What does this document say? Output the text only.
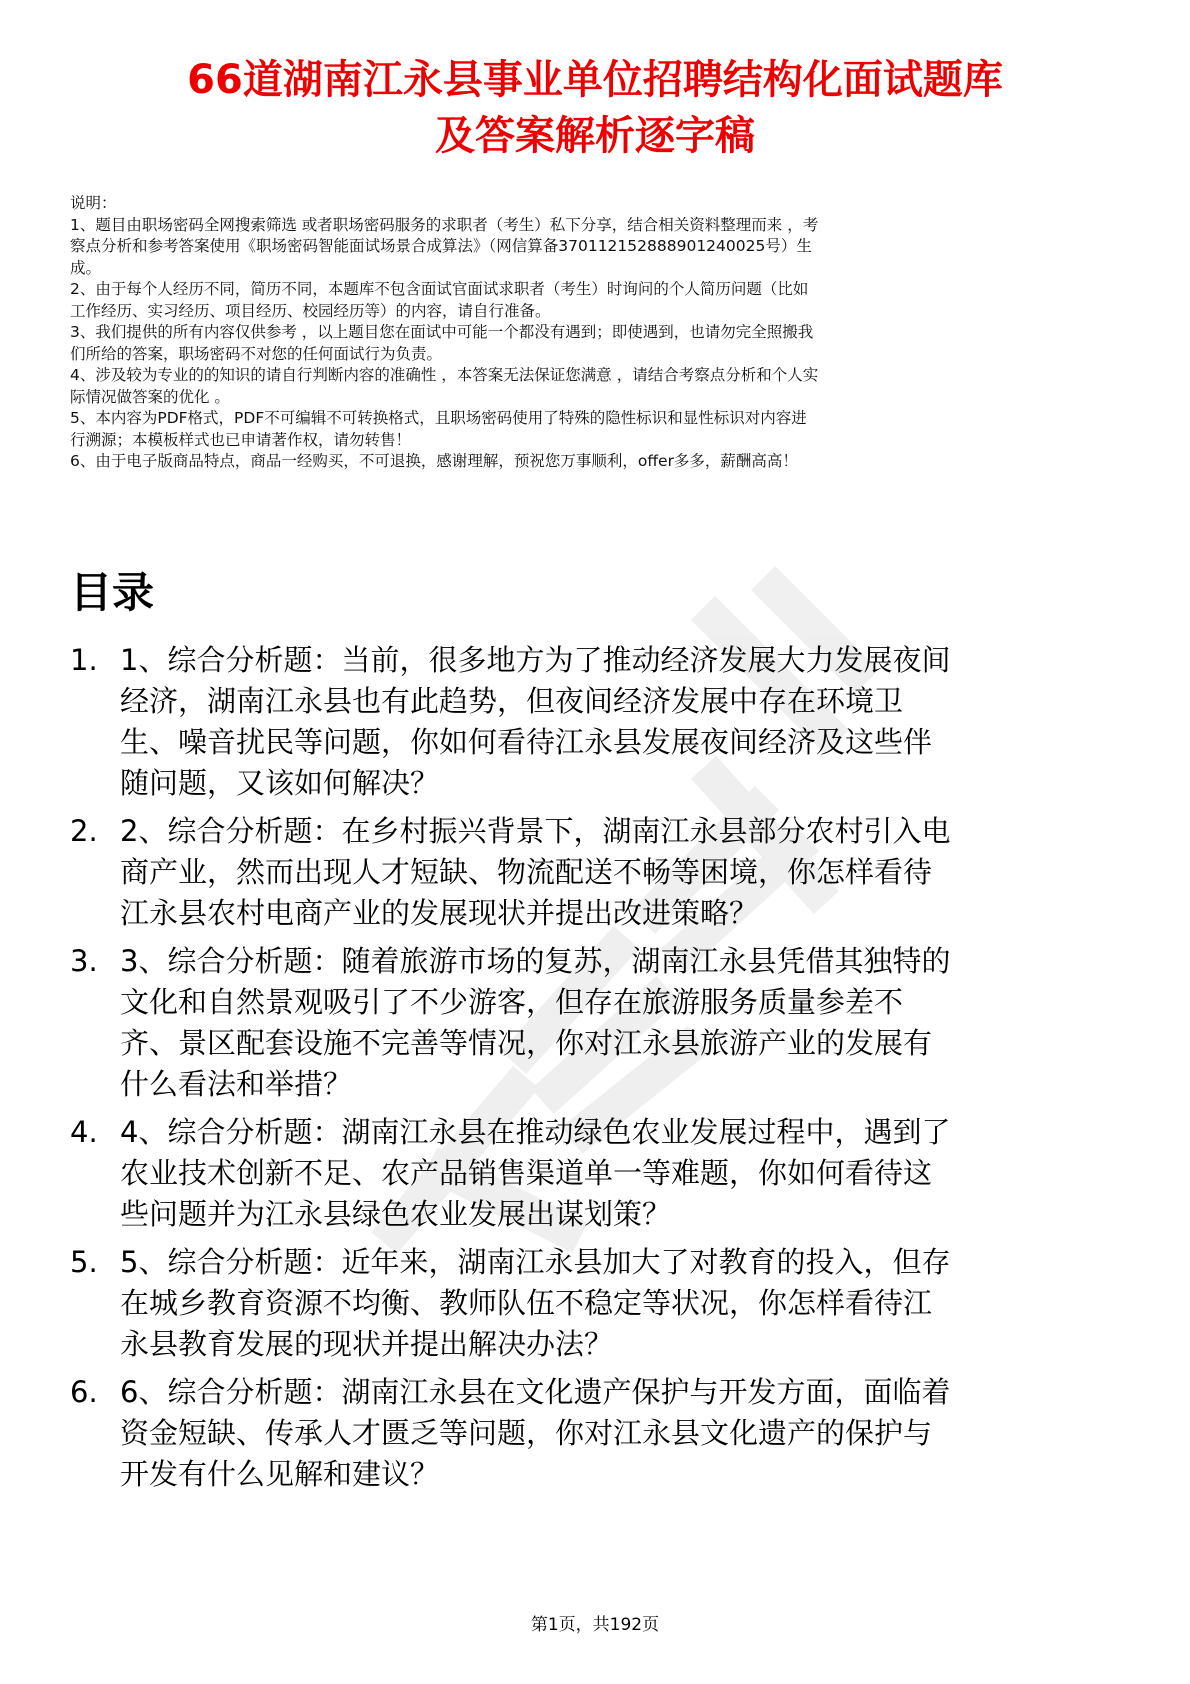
66道湖南江永县事业单位招聘结构化面试题库
及答案解析逐字稿
说明：
1、题目由职场密码全网搜索筛选 或者职场密码服务的求职者（考生）私下分享，结合相关资料整理而来 ，考
察点分析和参考答案使用《职场密码智能面试场景合成算法》（网信算备370112152888901240025号）生
成。
2、由于每个人经历不同，简历不同，本题库不包含面试官面试求职者（考生）时询问的个人简历问题（比如
工作经历、实习经历、项目经历、校园经历等）的内容，请自行准备。
3、我们提供的所有内容仅供参考 ，以上题目您在面试中可能一个都没有遇到；即使遇到，也请勿完全照搬我
们所给的答案，职场密码不对您的任何面试行为负责。
4、涉及较为专业的的知识的请自行判断内容的准确性 ，本答案无法保证您满意 ，请结合考察点分析和个人实
际情况做答案的优化 。
5、本内容为PDF格式，PDF不可编辑不可转换格式，且职场密码使用了特殊的隐性标识和显性标识对内容进
行溯源；本模板样式也已申请著作权，请勿转售！
6、由于电子版商品特点，商品一经购买，不可退换，感谢理解，预祝您万事顺利，offer多多，薪酬高高！
目录
1. 1、综合分析题：当前，很多地方为了推动经济发展大力发展夜间
经济，湖南江永县也有此趋势，但夜间经济发展中存在环境卫
生、噪音扰民等问题，你如何看待江永县发展夜间经济及这些伴
随问题，又该如何解决？
2. 2、综合分析题：在乡村振兴背景下，湖南江永县部分农村引入电
商产业，然而出现人才短缺、物流配送不畅等困境，你怎样看待
江永县农村电商产业的发展现状并提出改进策略？
3. 3、综合分析题：随着旅游市场的复苏，湖南江永县凭借其独特的
文化和自然景观吸引了不少游客，但存在旅游服务质量参差不
齐、景区配套设施不完善等情况，你对江永县旅游产业的发展有
什么看法和举措？
4. 4、综合分析题：湖南江永县在推动绿色农业发展过程中，遇到了
农业技术创新不足、农产品销售渠道单一等难题，你如何看待这
些问题并为江永县绿色农业发展出谋划策？
5. 5、综合分析题：近年来，湖南江永县加大了对教育的投入，但存
在城乡教育资源不均衡、教师队伍不稳定等状况，你怎样看待江
永县教育发展的现状并提出解决办法？
6. 6、综合分析题：湖南江永县在文化遗产保护与开发方面，面临着
资金短缺、传承人才匮乏等问题，你对江永县文化遗产的保护与
开发有什么见解和建议？
第1页，共192页
